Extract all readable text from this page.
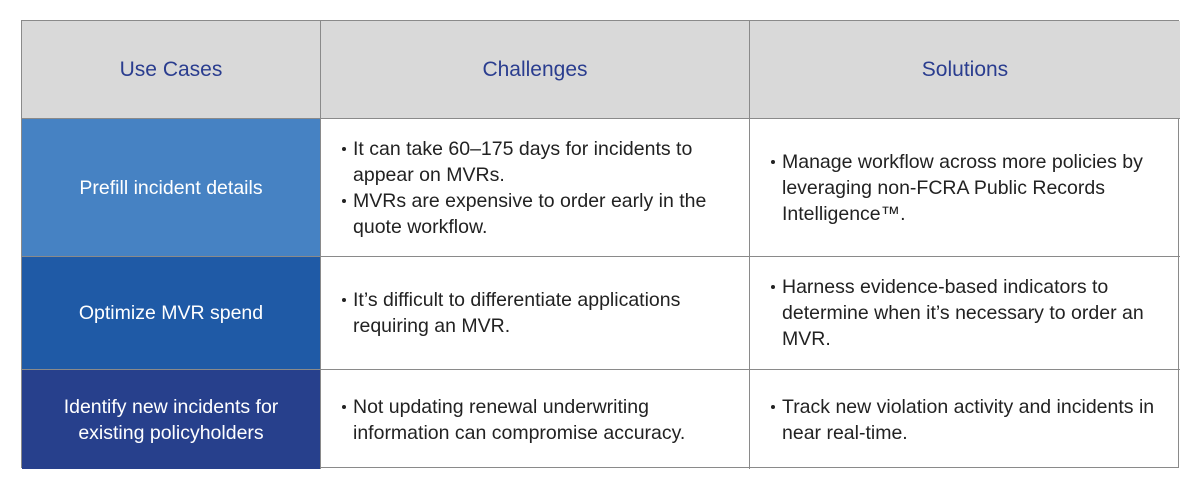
Use Cases	Challenges	Solutions
Prefill incident details
It can take 60–175 days for incidents to appear on MVRs.
MVRs are expensive to order early in the quote workflow.
Manage workflow across more policies by leveraging non-FCRA Public Records Intelligence™.
Optimize MVR spend
It’s difficult to differentiate applications requiring an MVR.
Harness evidence-based indicators to determine when it’s necessary to order an MVR.
Identify new incidents for existing policyholders
Not updating renewal underwriting information can compromise accuracy.
Track new violation activity and incidents in near real-time.
